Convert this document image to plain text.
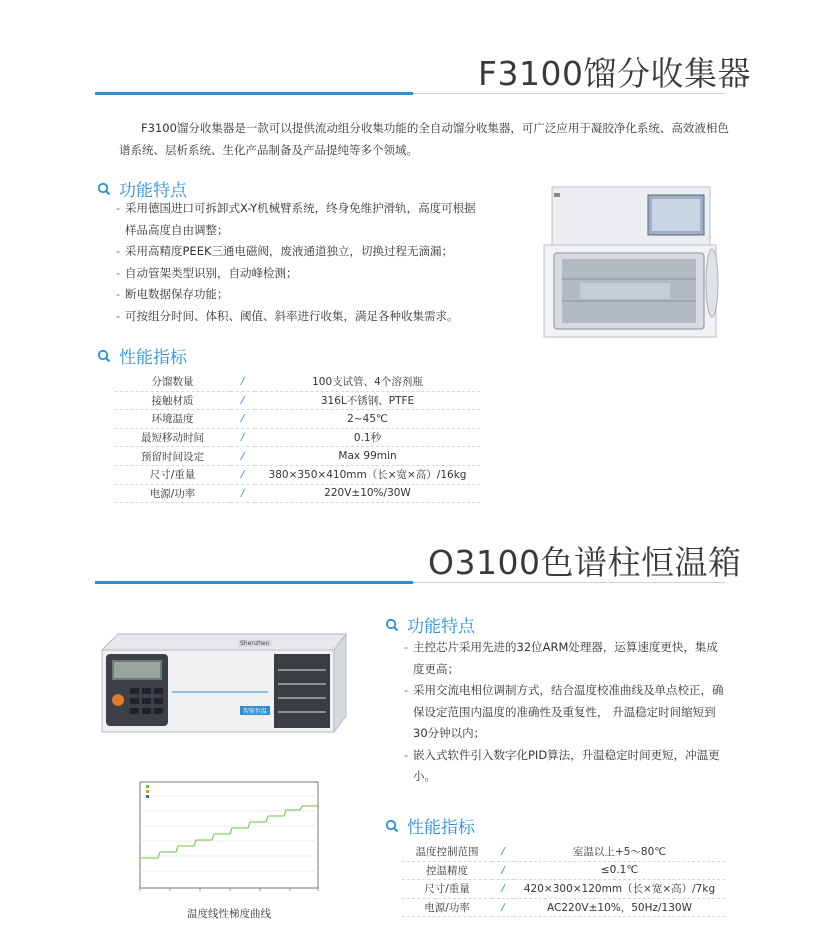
F3100馏分收集器
F3100馏分收集器是一款可以提供流动组分收集功能的全自动馏分收集器，可广泛应用于凝胶净化系统、高效液相色谱系统、层析系统、生化产品制备及产品提纯等多个领域。
功能特点
- 采用德国进口可拆卸式X-Y机械臂系统，终身免维护滑轨，高度可根据样品高度自由调整；
- 采用高精度PEEK三通电磁阀，废液通道独立，切换过程无滴漏；
- 自动管架类型识别，自动峰检测；
- 断电数据保存功能；
- 可按组分时间、体积、阈值、斜率进行收集，满足各种收集需求。
性能指标
分馏数量	/	100支试管、4个溶剂瓶
接触材质	/	316L不锈钢、PTFE
环境温度	/	2~45℃
最短移动时间	/	0.1秒
预留时间设定	/	Max 99min
尺寸/重量	/	380×350×410mm（长×宽×高）/16kg
电源/功率	/	220V±10%/30W
O3100色谱柱恒温箱
Shenzhen
智能恒温
功能特点
- 主控芯片采用先进的32位ARM处理器，运算速度更快，集成度更高；
- 采用交流电相位调制方式，结合温度校准曲线及单点校正，确保设定范围内温度的准确性及重复性， 升温稳定时间缩短到30分钟以内；
- 嵌入式软件引入数字化PID算法，升温稳定时间更短，冲温更小。
温度线性梯度曲线
性能指标
温度控制范围	/	室温以上+5～80℃
控温精度	/	≤0.1℃
尺寸/重量	/	420×300×120mm（长×宽×高）/7kg
电源/功率	/	AC220V±10%，50Hz/130W
